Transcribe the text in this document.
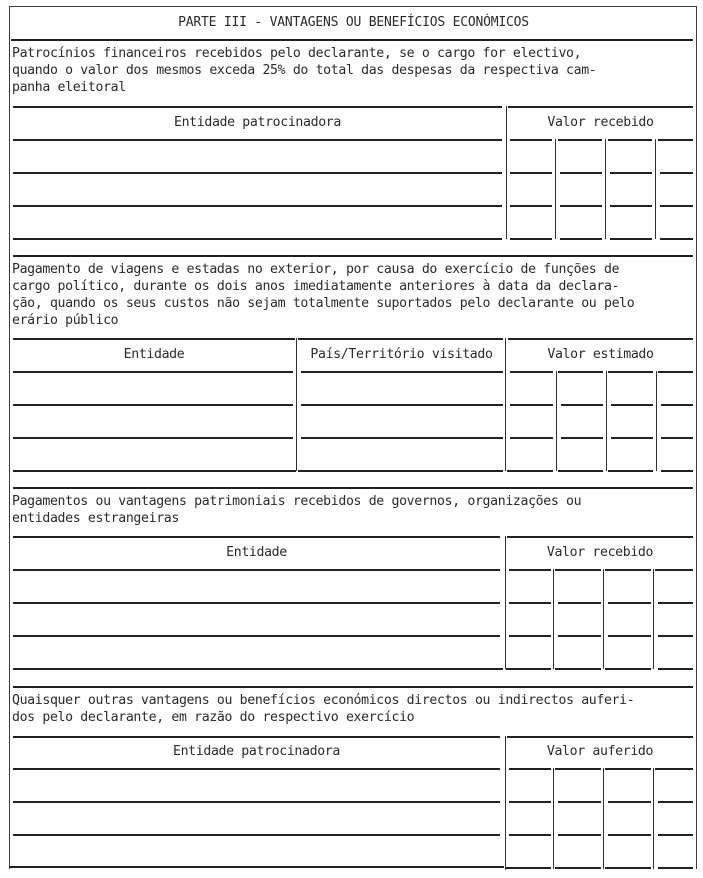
PARTE III - VANTAGENS OU BENEFÍCIOS ECONÓMICOS
Patrocínios financeiros recebidos pelo declarante, se o cargo for electivo,
quando o valor dos mesmos exceda 25% do total das despesas da respectiva cam-
panha eleitoral
Entidade patrocinadora	Valor recebido
Pagamento de viagens e estadas no exterior, por causa do exercício de funções de
cargo político, durante os dois anos imediatamente anteriores à data da declara-
ção, quando os seus custos não sejam totalmente suportados pelo declarante ou pelo
erário público
Entidade	País/Território visitado	Valor estimado
Pagamentos ou vantagens patrimoniais recebidos de governos, organizações ou
entidades estrangeiras
Entidade	Valor recebido
Quaisquer outras vantagens ou benefícios económicos directos ou indirectos auferi-
dos pelo declarante, em razão do respectivo exercício
Entidade patrocinadora	Valor auferido
